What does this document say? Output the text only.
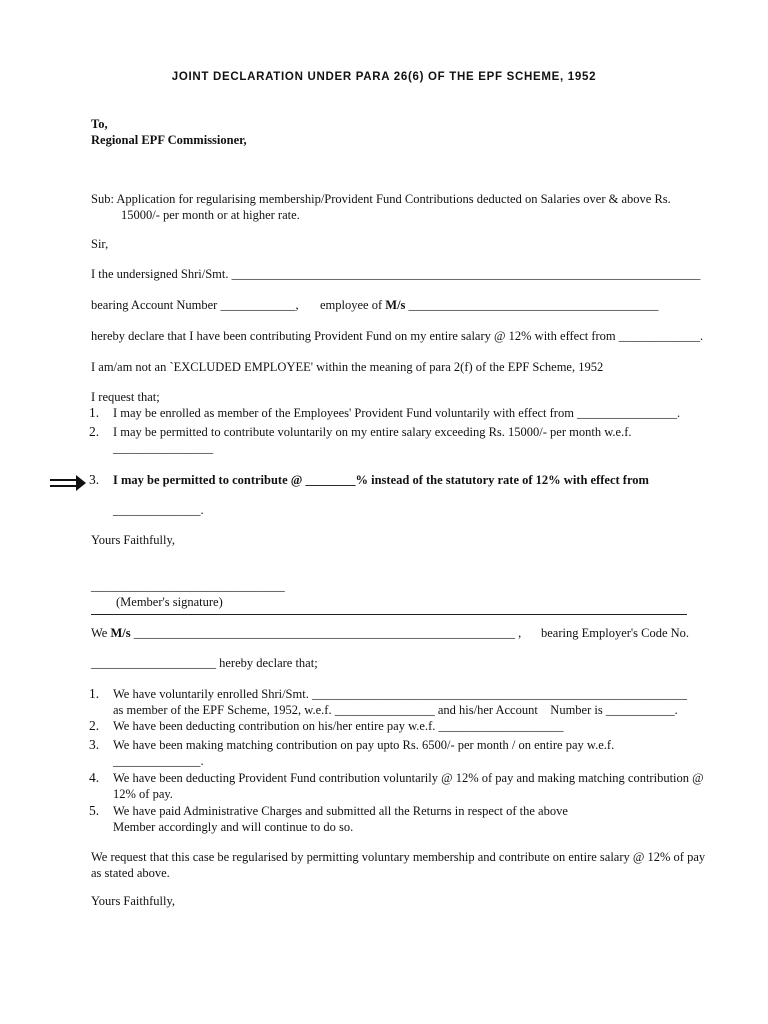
JOINT DECLARATION UNDER PARA 26(6) OF THE EPF SCHEME, 1952
To,
Regional EPF Commissioner,
Sub: Application for regularising membership/Provident Fund Contributions deducted on Salaries over & above Rs.
15000/- per month or at higher rate.
Sir,
I the undersigned Shri/Smt. ___________________________________________________________________________
bearing Account Number ____________, employee of M/s ________________________________________
hereby declare that I have been contributing Provident Fund on my entire salary @ 12% with effect from _____________.
I am/am not an `EXCLUDED EMPLOYEE' within the meaning of para 2(f) of the EPF Scheme, 1952
I request that;
1. I may be enrolled as member of the Employees' Provident Fund voluntarily with effect from ________________.
2. I may be permitted to contribute voluntarily on my entire salary exceeding Rs. 15000/- per month w.e.f.
________________
3. I may be permitted to contribute @ ________% instead of the statutory rate of 12% with effect from
______________.
Yours Faithfully,
_______________________________
(Member's signature)
We M/s _____________________________________________________________ , bearing Employer's Code No.
____________________ hereby declare that;
1. We have voluntarily enrolled Shri/Smt. ____________________________________________________________
as member of the EPF Scheme, 1952, w.e.f. ________________ and his/her Account    Number is ___________.
2. We have been deducting contribution on his/her entire pay w.e.f. ____________________
3. We have been making matching contribution on pay upto Rs. 6500/- per month / on entire pay w.e.f.
______________.
4. We have been deducting Provident Fund contribution voluntarily @ 12% of pay and making matching contribution @
12% of pay.
5. We have paid Administrative Charges and submitted all the Returns in respect of the above
Member accordingly and will continue to do so.
We request that this case be regularised by permitting voluntary membership and contribute on entire salary @ 12% of pay
as stated above.
Yours Faithfully,
